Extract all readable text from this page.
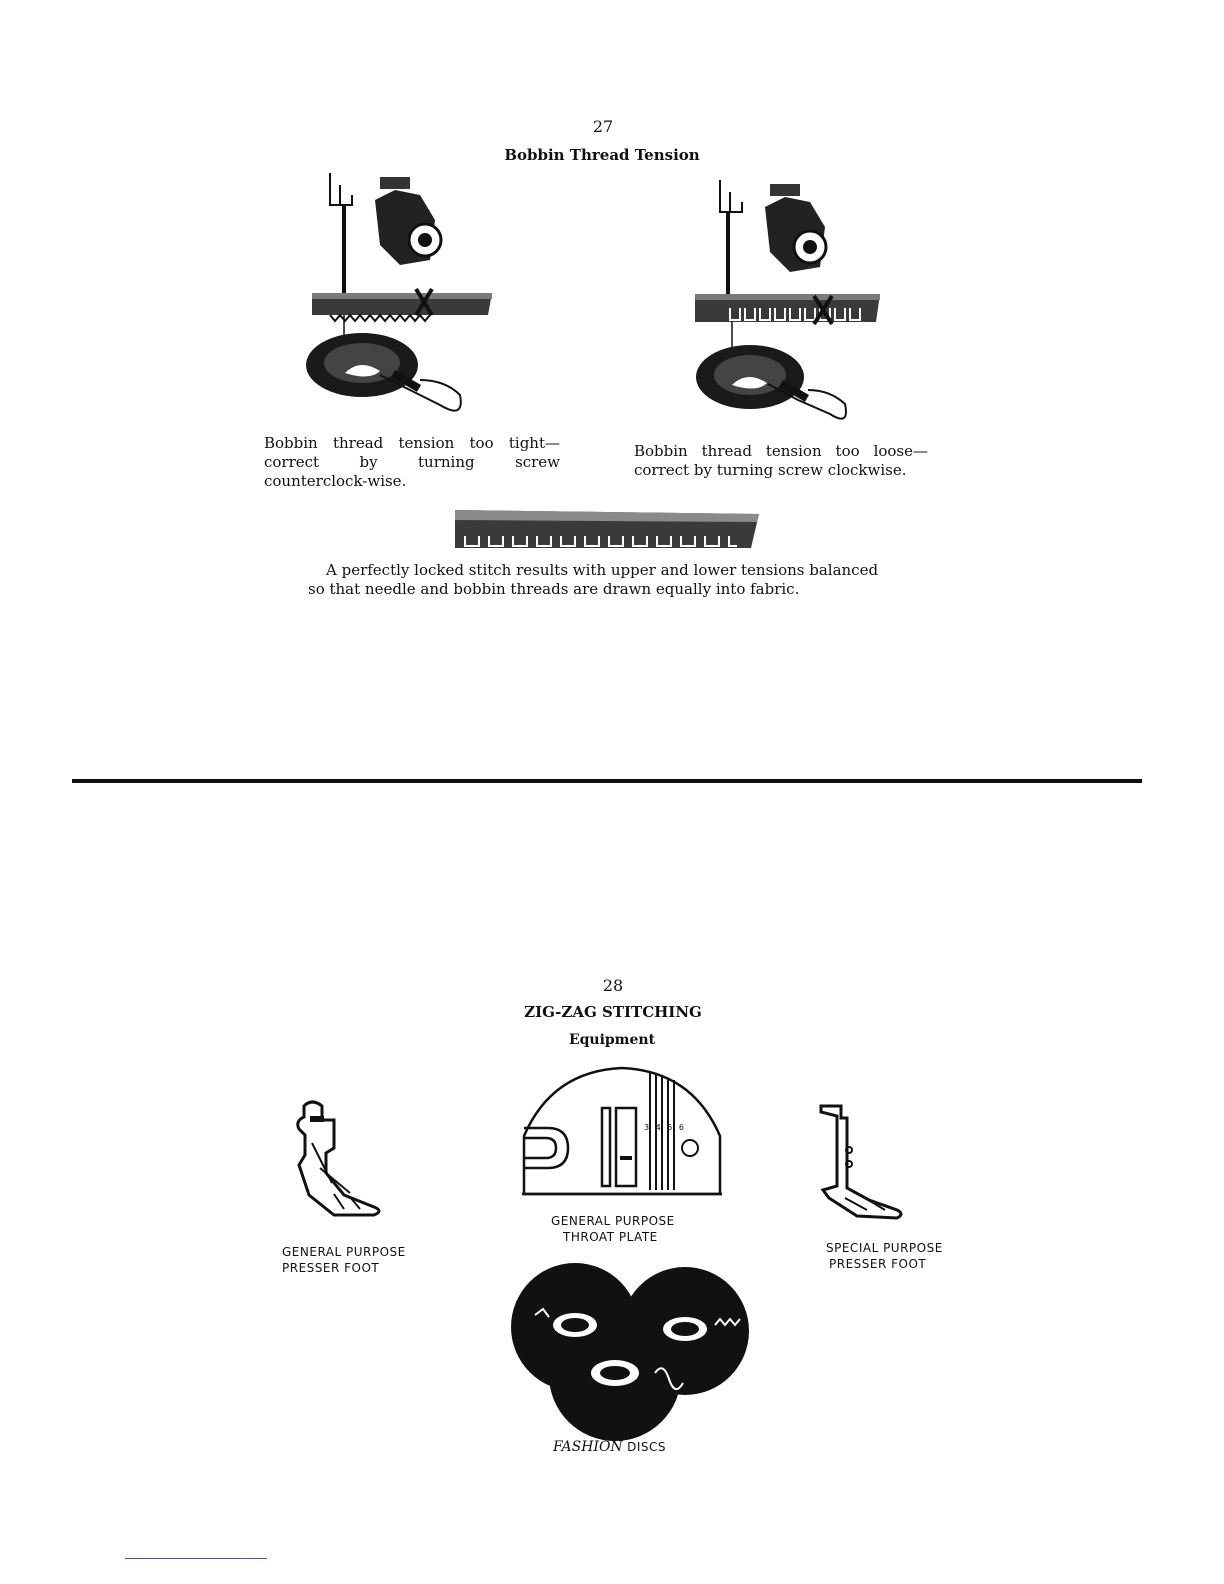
27
Bobbin Thread Tension
Bobbin thread tension too tight— correct by turning screw counterclock-wise.
Bobbin thread tension too loose— correct by turning screw clockwise.
A perfectly locked stitch results with upper and lower tensions balanced so that needle and bobbin threads are drawn equally into fabric.
28
ZIG-ZAG STITCHING
Equipment
GENERAL PURPOSE
PRESSER FOOT
3 4 5 6
GENERAL PURPOSE
THROAT PLATE
SPECIAL PURPOSE
PRESSER FOOT
FASHION DISCS
